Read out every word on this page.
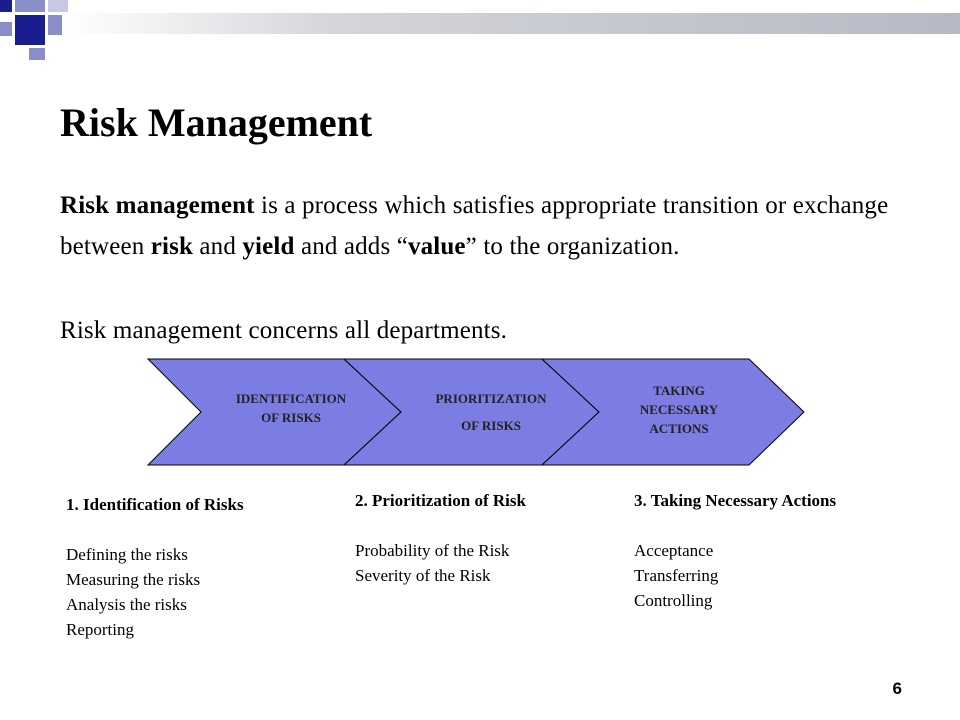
Risk Management

Risk management is a process which satisfies appropriate transition or exchange between risk and yield and adds “value” to the organization.

Risk management concerns all departments.

IDENTIFICATION
OF RISKS
PRIORITIZATION
OF RISKS
TAKING
NECESSARY
ACTIONS
1. Identification of Risks
Defining the risks
Measuring the risks
Analysis the risks
Reporting
2. Prioritization of Risk
Probability of the Risk
Severity of the Risk
3. Taking Necessary Actions
Acceptance
Transferring
Controlling
6
